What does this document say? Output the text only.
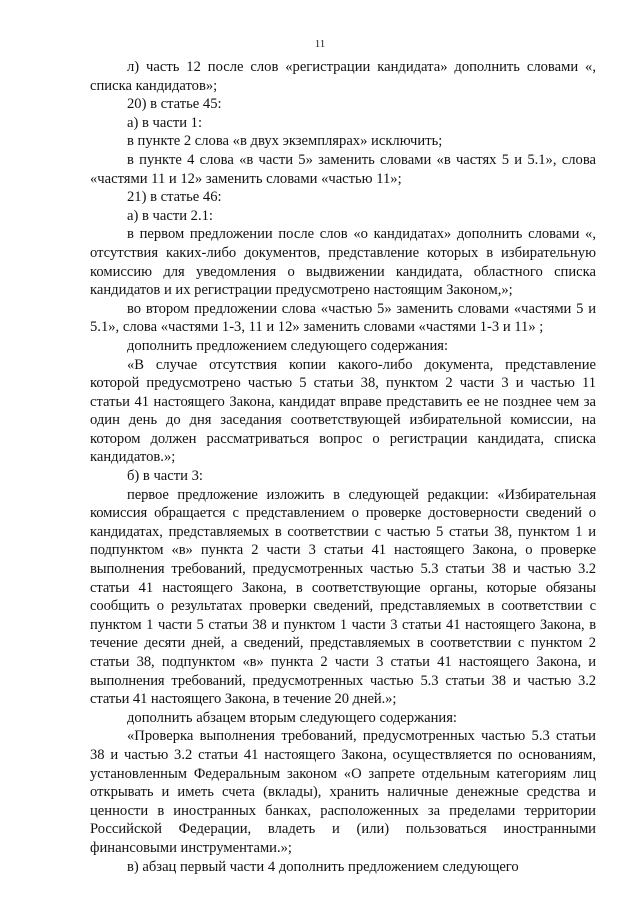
11

л) часть 12 после слов «регистрации кандидата» дополнить словами «, списка кандидатов»;

20) в статье 45:

а) в части 1:

в пункте 2 слова «в двух экземплярах» исключить;

в пункте 4 слова «в части 5» заменить словами «в частях 5 и 5.1», слова «частями 11 и 12» заменить словами «частью 11»;

21) в статье 46:

а) в части 2.1:

в первом предложении после слов «о кандидатах» дополнить словами «, отсутствия каких-либо документов, представление которых в избирательную комиссию для уведомления о выдвижении кандидата, областного списка кандидатов и их регистрации предусмотрено настоящим Законом,»;

во втором предложении слова «частью 5» заменить словами «частями 5 и 5.1», слова «частями 1-3, 11 и 12» заменить словами «частями 1-3 и 11» ;

дополнить предложением следующего содержания:

«В случае отсутствия копии какого-либо документа, представление которой предусмотрено частью 5 статьи 38, пунктом 2 части 3 и частью 11 статьи 41 настоящего Закона, кандидат вправе представить ее не позднее чем за один день до дня заседания соответствующей избирательной комиссии, на котором должен рассматриваться вопрос о регистрации кандидата, списка кандидатов.»;

б) в части 3:

первое предложение изложить в следующей редакции: «Избирательная комиссия обращается с представлением о проверке достоверности сведений о кандидатах, представляемых в соответствии с частью 5 статьи 38, пунктом 1 и подпунктом «в» пункта 2 части 3 статьи 41 настоящего Закона, о проверке выполнения требований, предусмотренных частью 5.3 статьи 38 и частью 3.2 статьи 41 настоящего Закона, в соответствующие органы, которые обязаны сообщить о результатах проверки сведений, представляемых в соответствии с пунктом 1 части 5 статьи 38 и пунктом 1 части 3 статьи 41 настоящего Закона, в течение десяти дней, а сведений, представляемых в соответствии с пунктом 2 статьи 38, подпунктом «в» пункта 2 части 3 статьи 41 настоящего Закона, и выполнения требований, предусмотренных частью 5.3 статьи 38 и частью 3.2 статьи 41 настоящего Закона, в течение 20 дней.»;

дополнить абзацем вторым следующего содержания:

«Проверка выполнения требований, предусмотренных частью 5.3 статьи 38 и частью 3.2 статьи 41 настоящего Закона, осуществляется по основаниям, установленным Федеральным законом «О запрете отдельным категориям лиц открывать и иметь счета (вклады), хранить наличные денежные средства и ценности в иностранных банках, расположенных за пределами территории Российской Федерации, владеть и (или) пользоваться иностранными финансовыми инструментами.»;

в) абзац первый части 4 дополнить предложением следующего
